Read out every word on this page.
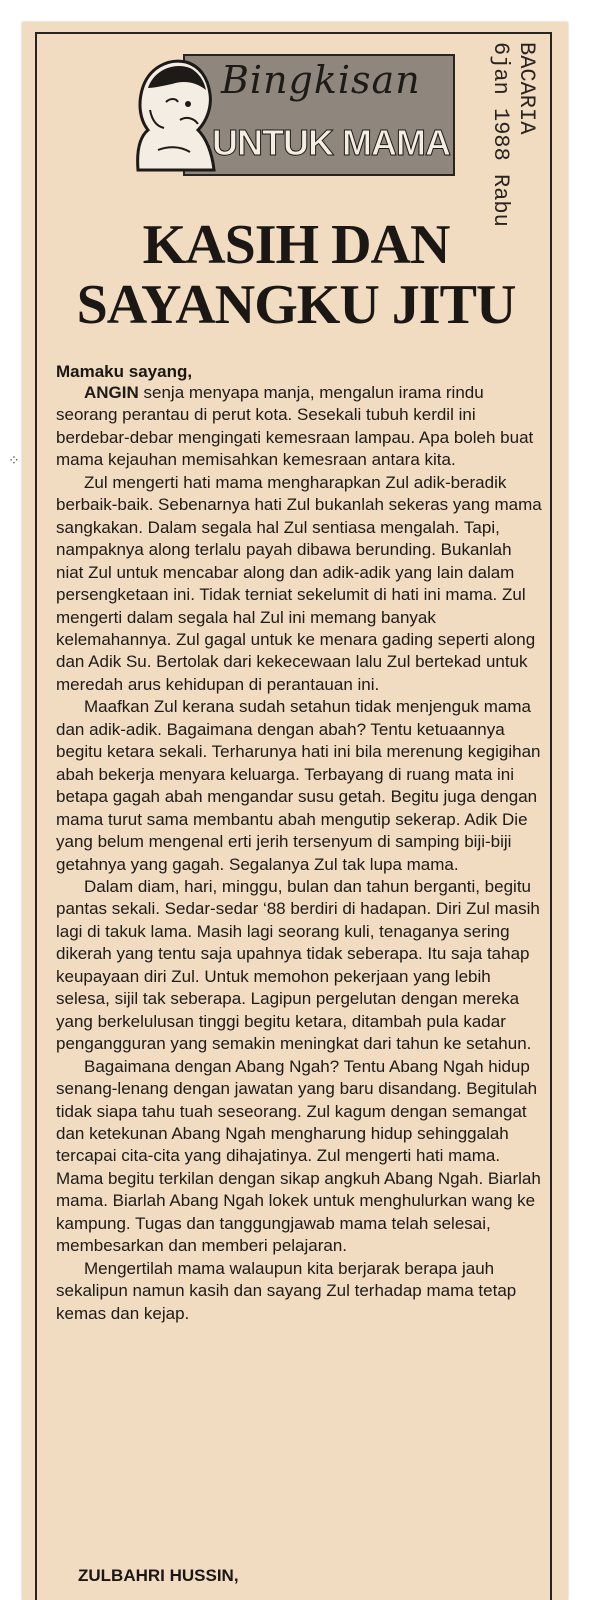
⁘
Bingkisan
UNTUK MAMA
BACARIA
6jan 1988 Rabu
KASIH DAN
SAYANGKU JITU
Mamaku sayang,

ANGIN senja menyapa manja, mengalun irama rindu seorang perantau di perut kota. Sesekali tubuh kerdil ini berdebar-debar mengingati kemesraan lampau. Apa boleh buat mama kejauhan memisahkan kemesraan antara kita.

Zul mengerti hati mama mengharapkan Zul adik-beradik berbaik-baik. Sebenarnya hati Zul bukanlah sekeras yang mama sangkakan. Dalam segala hal Zul sentiasa mengalah. Tapi, nampaknya along terlalu payah dibawa berunding. Bukanlah niat Zul untuk mencabar along dan adik-adik yang lain dalam persengketaan ini. Tidak terniat sekelumit di hati ini mama. Zul mengerti dalam segala hal Zul ini memang banyak kelemahannya. Zul gagal untuk ke menara gading seperti along dan Adik Su. Bertolak dari kekecewaan lalu Zul bertekad untuk meredah arus kehidupan di perantauan ini.

Maafkan Zul kerana sudah setahun tidak menjenguk mama dan adik-adik. Bagaimana dengan abah? Tentu ketuaannya begitu ketara sekali. Terharunya hati ini bila merenung kegigihan abah bekerja menyara keluarga. Terbayang di ruang mata ini betapa gagah abah mengandar susu getah. Begitu juga dengan mama turut sama membantu abah mengutip sekerap. Adik Die yang belum mengenal erti jerih tersenyum di samping biji-biji getahnya yang gagah. Segalanya Zul tak lupa mama.

Dalam diam, hari, minggu, bulan dan tahun berganti, begitu pantas sekali. Sedar-sedar ‘88 berdiri di hadapan. Diri Zul masih lagi di takuk lama. Masih lagi seorang kuli, tenaganya sering dikerah yang tentu saja upahnya tidak seberapa. Itu saja tahap keupayaan diri Zul. Untuk memohon pekerjaan yang lebih selesa, sijil tak seberapa. Lagipun pergelutan dengan mereka yang berkelulusan tinggi begitu ketara, ditambah pula kadar pengangguran yang semakin meningkat dari tahun ke setahun.

Bagaimana dengan Abang Ngah? Tentu Abang Ngah hidup senang-lenang dengan jawatan yang baru disandang. Begitulah tidak siapa tahu tuah seseorang. Zul kagum dengan semangat dan ketekunan Abang Ngah mengharung hidup sehinggalah tercapai cita-cita yang dihajatinya. Zul mengerti hati mama. Mama begitu terkilan dengan sikap angkuh Abang Ngah. Biarlah mama. Biarlah Abang Ngah lokek untuk menghulurkan wang ke kampung. Tugas dan tanggungjawab mama telah selesai, membesarkan dan memberi pelajaran.

Mengertilah mama walaupun kita berjarak berapa jauh sekalipun namun kasih dan sayang Zul terhadap mama tetap kemas dan kejap.

ZULBAHRI HUSSIN,
